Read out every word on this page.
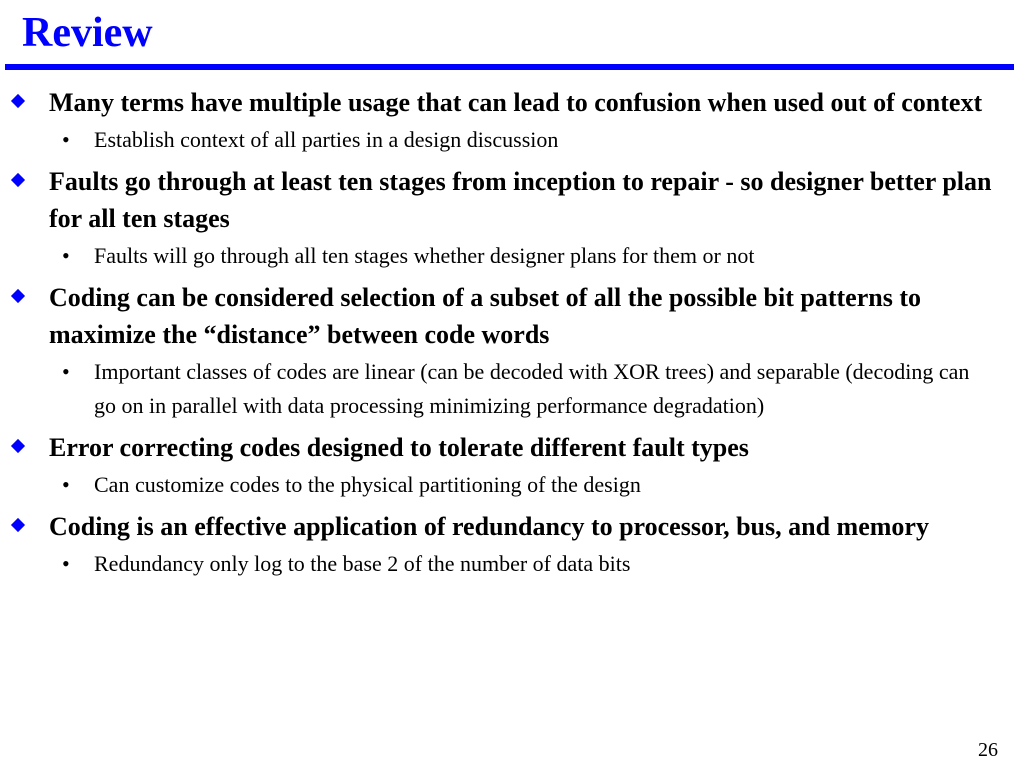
Review
Many terms have multiple usage that can lead to confusion when used out of context
• Establish context of all parties in a design discussion
Faults go through at least ten stages from inception to repair - so designer better plan for all ten stages
• Faults will go through all ten stages whether designer plans for them or not
Coding can be considered selection of a subset of all the possible bit patterns to maximize the “distance” between code words
• Important classes of codes are linear (can be decoded with XOR trees) and separable (decoding can go on in parallel with data processing minimizing performance degradation)
Error correcting codes designed to tolerate different fault types
• Can customize codes to the physical partitioning of the design
Coding is an effective application of redundancy to processor, bus, and memory
• Redundancy only log to the base 2 of the number of data bits
26
